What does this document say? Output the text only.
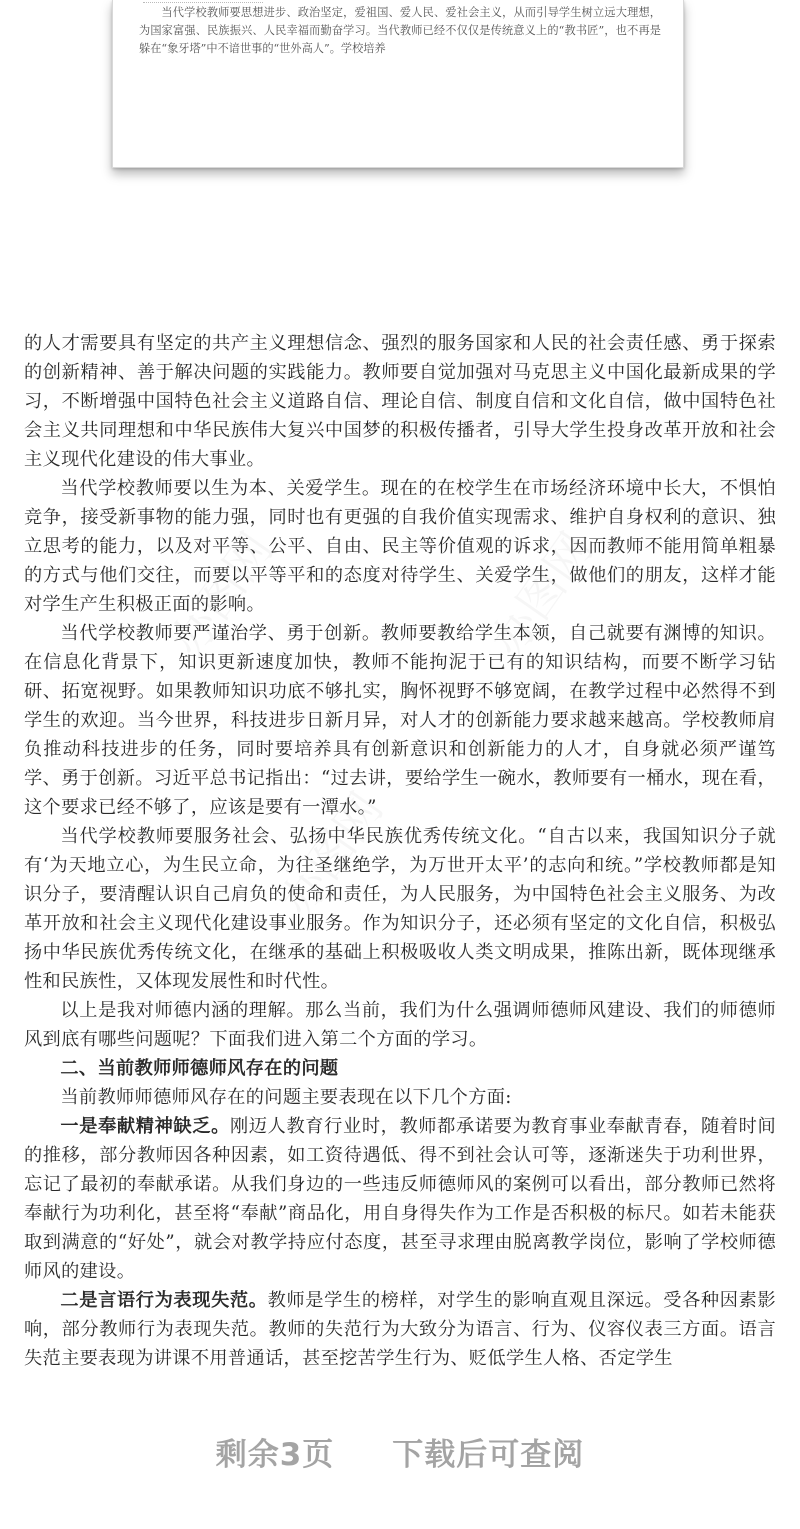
当代学校教师要思想进步、政治坚定，爱祖国、爱人民、爱社会主义，从而引导学生树立远大理想，为国家富强、民族振兴、人民幸福而勤奋学习。当代教师已经不仅仅是传统意义上的“教书匠”，也不再是躲在“象牙塔”中不谙世事的“世外高人”。学校培养

的人才需要具有坚定的共产主义理想信念、强烈的服务国家和人民的社会责任感、勇于探索的创新精神、善于解决问题的实践能力。教师要自觉加强对马克思主义中国化最新成果的学习，不断增强中国特色社会主义道路自信、理论自信、制度自信和文化自信，做中国特色社会主义共同理想和中华民族伟大复兴中国梦的积极传播者，引导大学生投身改革开放和社会主义现代化建设的伟大事业。

当代学校教师要以生为本、关爱学生。现在的在校学生在市场经济环境中长大，不惧怕竞争，接受新事物的能力强，同时也有更强的自我价值实现需求、维护自身权利的意识、独立思考的能力，以及对平等、公平、自由、民主等价值观的诉求，因而教师不能用简单粗暴的方式与他们交往，而要以平等平和的态度对待学生、关爱学生，做他们的朋友，这样才能对学生产生积极正面的影响。

当代学校教师要严谨治学、勇于创新。教师要教给学生本领，自己就要有渊博的知识。在信息化背景下，知识更新速度加快，教师不能拘泥于已有的知识结构，而要不断学习钻研、拓宽视野。如果教师知识功底不够扎实，胸怀视野不够宽阔，在教学过程中必然得不到学生的欢迎。当今世界，科技进步日新月异，对人才的创新能力要求越来越高。学校教师肩负推动科技进步的任务，同时要培养具有创新意识和创新能力的人才，自身就必须严谨笃学、勇于创新。习近平总书记指出：“过去讲，要给学生一碗水，教师要有一桶水，现在看，这个要求已经不够了，应该是要有一潭水。”

当代学校教师要服务社会、弘扬中华民族优秀传统文化。“自古以来，我国知识分子就有‘为天地立心，为生民立命，为往圣继绝学，为万世开太平’的志向和统。”学校教师都是知识分子，要清醒认识自己肩负的使命和责任，为人民服务，为中国特色社会主义服务、为改革开放和社会主义现代化建设事业服务。作为知识分子，还必须有坚定的文化自信，积极弘扬中华民族优秀传统文化，在继承的基础上积极吸收人类文明成果，推陈出新，既体现继承性和民族性，又体现发展性和时代性。

以上是我对师德内涵的理解。那么当前，我们为什么强调师德师风建设、我们的师德师风到底有哪些问题呢？下面我们进入第二个方面的学习。

二、当前教师师德师风存在的问题

当前教师师德师风存在的问题主要表现在以下几个方面:

一是奉献精神缺乏。刚迈人教育行业时，教师都承诺要为教育事业奉献青春，随着时间的推移，部分教师因各种因素，如工资待遇低、得不到社会认可等，逐渐迷失于功利世界，忘记了最初的奉献承诺。从我们身边的一些违反师德师风的案例可以看出，部分教师已然将奉献行为功利化，甚至将“奉献”商品化，用自身得失作为工作是否积极的标尺。如若未能获取到满意的“好处”，就会对教学持应付态度，甚至寻求理由脱离教学岗位，影响了学校师德师风的建设。

二是言语行为表现失范。教师是学生的榜样，对学生的影响直观且深远。受各种因素影响，部分教师行为表现失范。教师的失范行为大致分为语言、行为、仪容仪表三方面。语言失范主要表现为讲课不用普通话，甚至挖苦学生行为、贬低学生人格、否定学生

剩余3页 下载后可查阅
